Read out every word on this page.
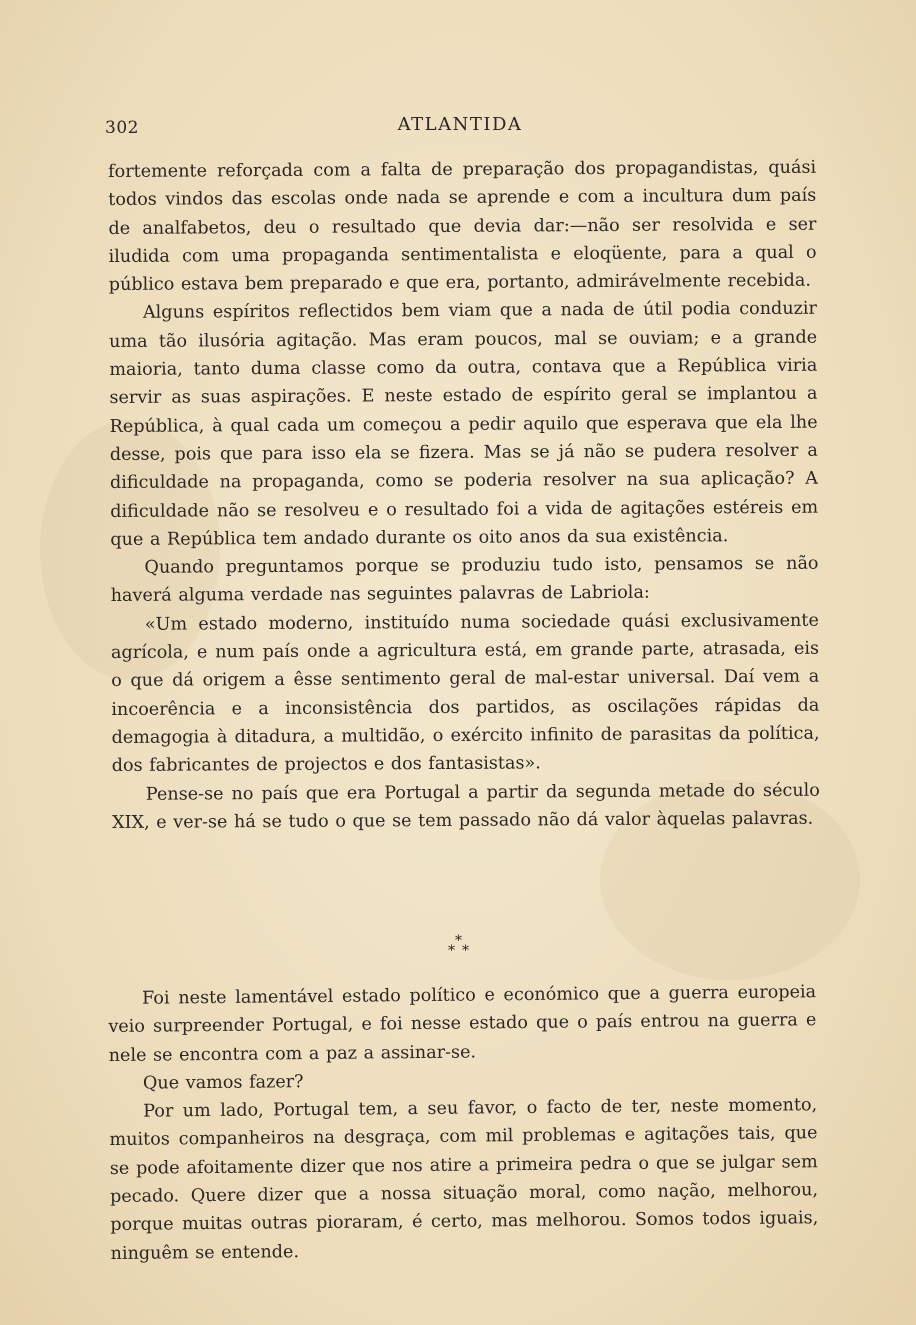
302	ATLANTIDA

fortemente reforçada com a falta de preparação dos propagandistas, quási todos vindos das escolas onde nada se aprende e com a incultura dum país de analfabetos, deu o resultado que devia dar:—não ser resolvida e ser iludida com uma propaganda sentimentalista e eloqüente, para a qual o público estava bem preparado e que era, portanto, admirávelmente recebida.

Alguns espíritos reflectidos bem viam que a nada de útil podia conduzir uma tão ilusória agitação. Mas eram poucos, mal se ouviam; e a grande maioria, tanto duma classe como da outra, contava que a República viria servir as suas aspirações. E neste estado de espírito geral se implantou a República, à qual cada um começou a pedir aquilo que esperava que ela lhe desse, pois que para isso ela se fizera. Mas se já não se pudera resolver a dificuldade na propaganda, como se poderia resolver na sua aplicação? A dificuldade não se resolveu e o resultado foi a vida de agitações estéreis em que a República tem andado durante os oito anos da sua existência.

Quando preguntamos porque se produziu tudo isto, pensamos se não haverá alguma verdade nas seguintes palavras de Labriola:

«Um estado moderno, instituído numa sociedade quási exclusivamente agrícola, e num país onde a agricultura está, em grande parte, atrasada, eis o que dá origem a êsse sentimento geral de mal-estar universal. Daí vem a incoerência e a inconsistência dos partidos, as oscilações rápidas da demagogia à ditadura, a multidão, o exército infinito de parasitas da política, dos fabricantes de projectos e dos fantasistas».

Pense-se no país que era Portugal a partir da segunda metade do século XIX, e ver-se há se tudo o que se tem passado não dá valor àquelas palavras.

*
* *

Foi neste lamentável estado político e económico que a guerra europeia veio surpreender Portugal, e foi nesse estado que o país entrou na guerra e nele se encontra com a paz a assinar-se.

Que vamos fazer?

Por um lado, Portugal tem, a seu favor, o facto de ter, neste momento, muitos companheiros na desgraça, com mil problemas e agitações tais, que se pode afoitamente dizer que nos atire a primeira pedra o que se julgar sem pecado. Quere dizer que a nossa situação moral, como nação, melhorou, porque muitas outras pioraram, é certo, mas melhorou. Somos todos iguais, ninguêm se entende.
